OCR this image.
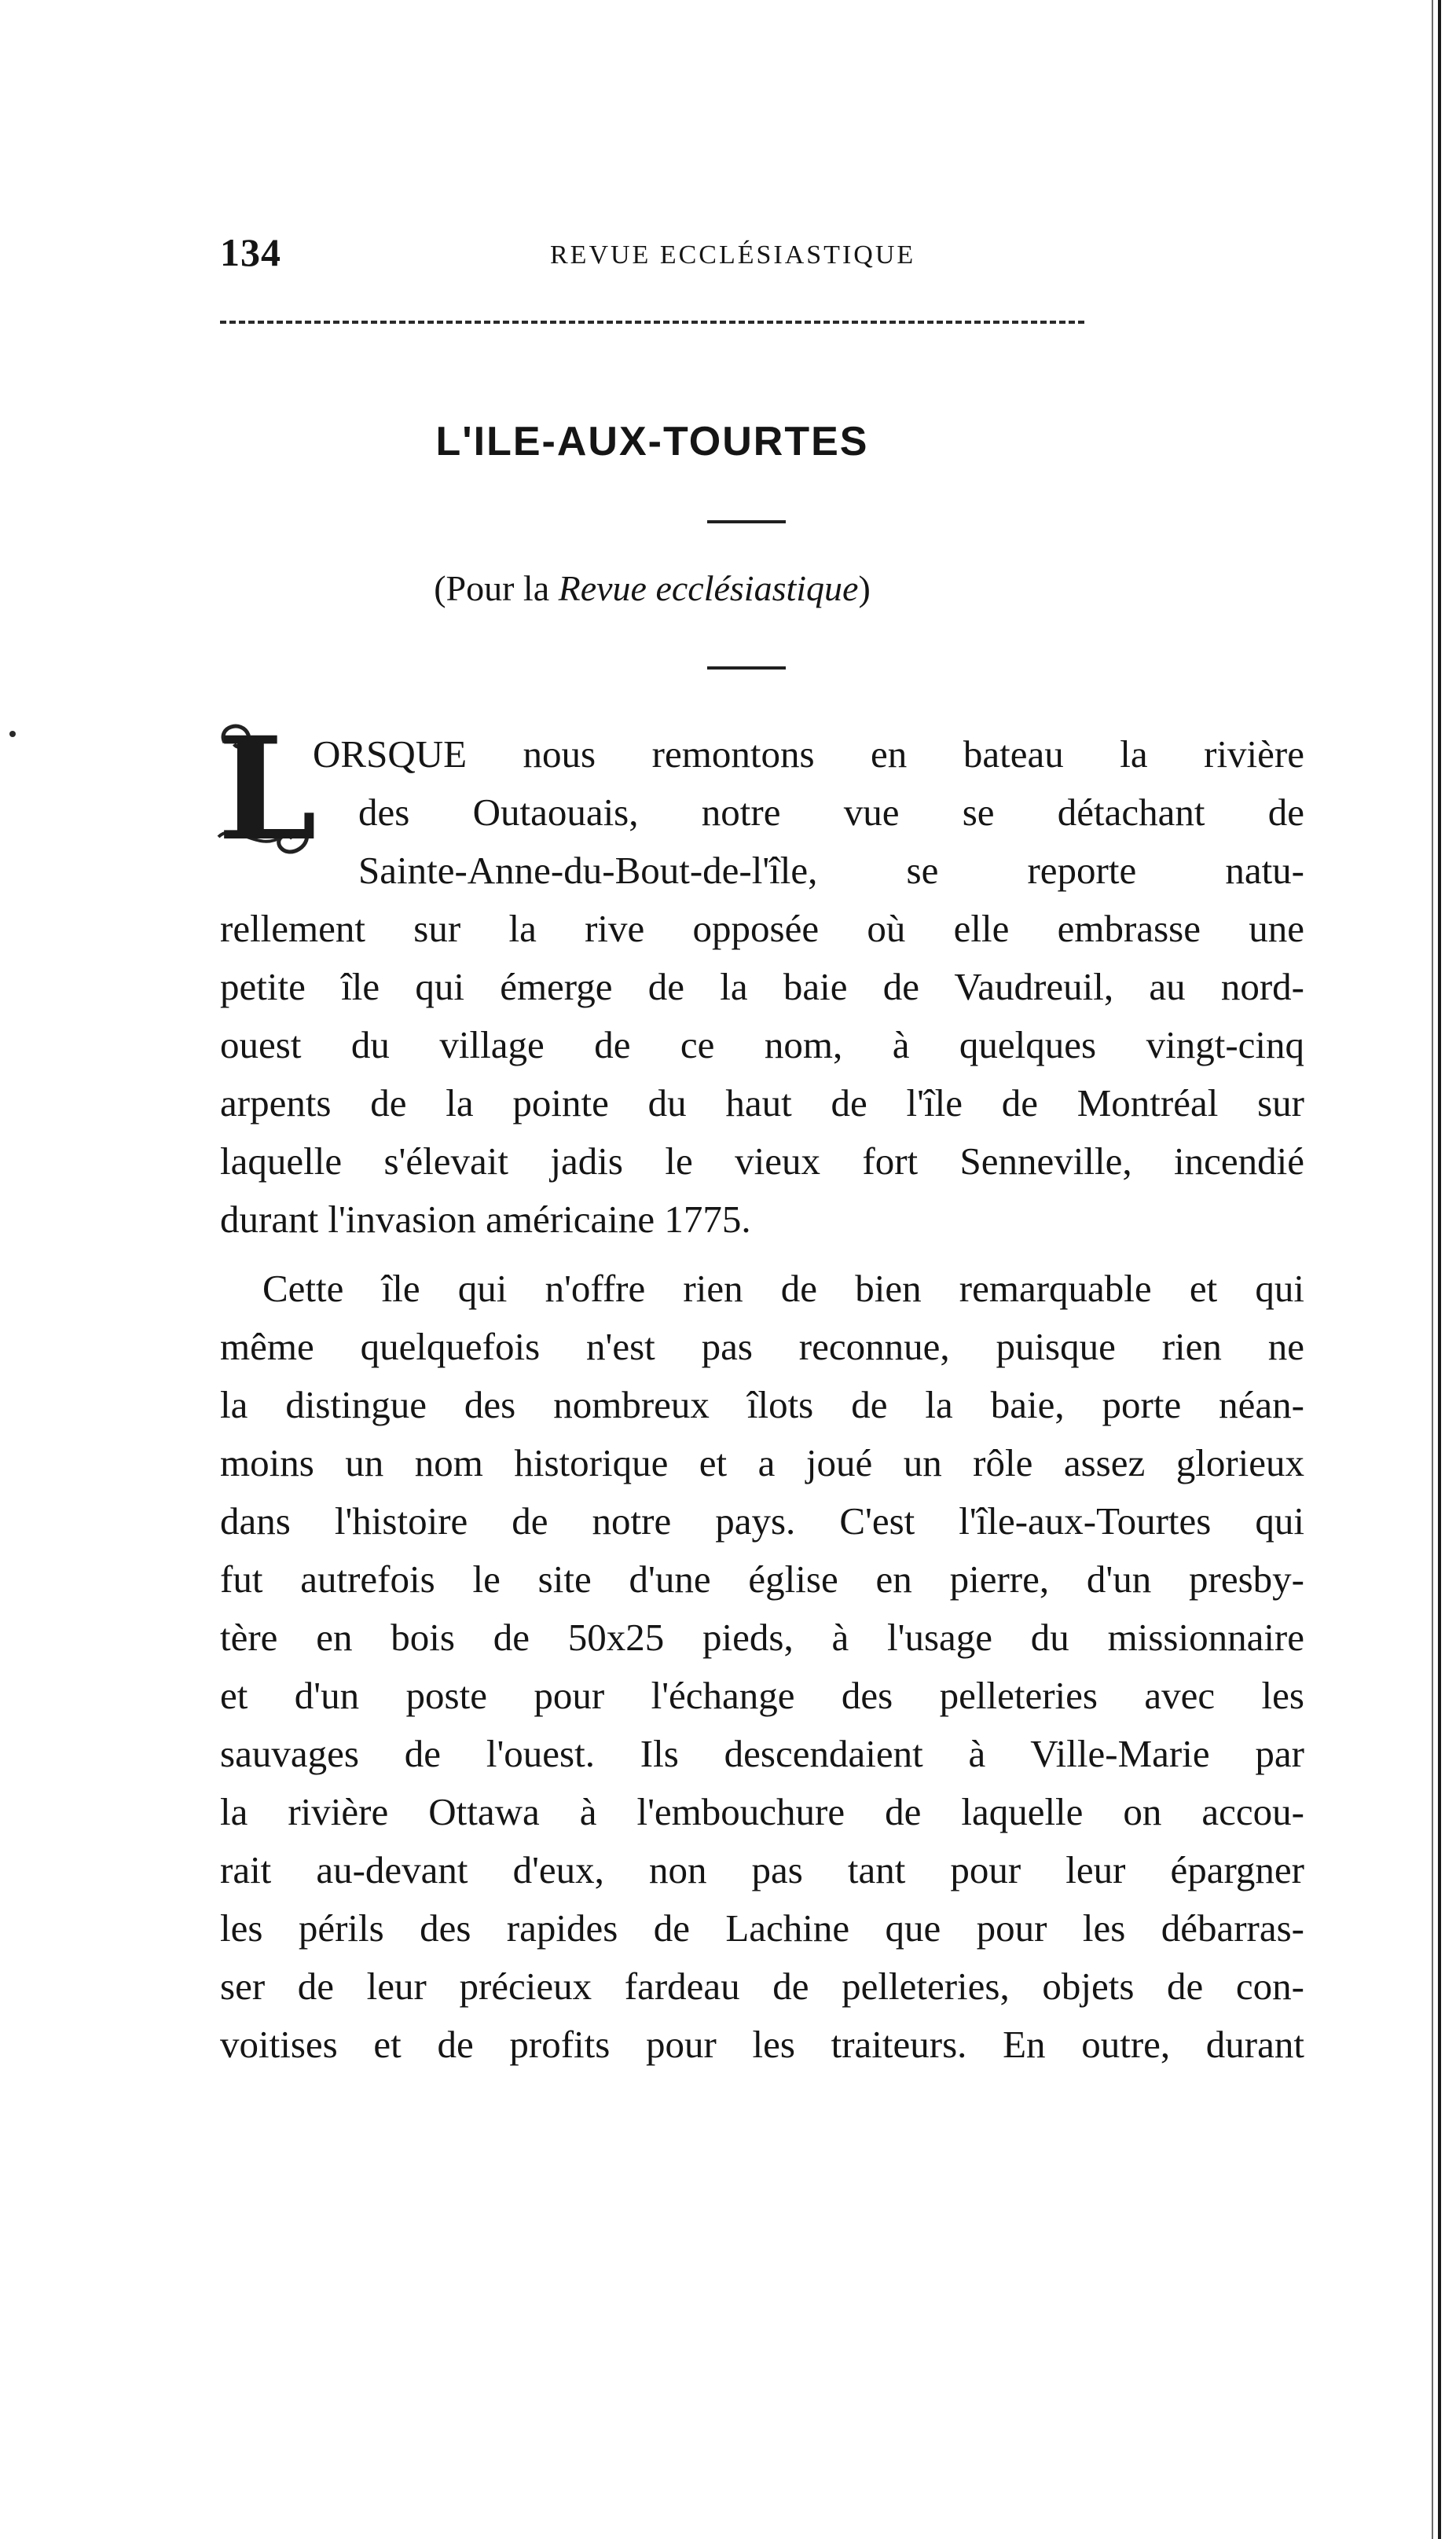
134	REVUE ECCLÉSIASTIQUE
L'ILE-AUX-TOURTES
(Pour la Revue ecclésiastique)
L
ORSQUE nous remontons en bateau la rivière
des Outaouais, notre vue se détachant de
Sainte-Anne-du-Bout-de-l'île, se reporte natu-
rellement sur la rive opposée où elle embrasse une
petite île qui émerge de la baie de Vaudreuil, au nord-
ouest du village de ce nom, à quelques vingt-cinq
arpents de la pointe du haut de l'île de Montréal sur
laquelle s'élevait jadis le vieux fort Senneville, incendié
durant l'invasion américaine 1775.
Cette île qui n'offre rien de bien remarquable et qui
même quelquefois n'est pas reconnue, puisque rien ne
la distingue des nombreux îlots de la baie, porte néan-
moins un nom historique et a joué un rôle assez glorieux
dans l'histoire de notre pays. C'est l'île-aux-Tourtes qui
fut autrefois le site d'une église en pierre, d'un presby-
tère en bois de 50x25 pieds, à l'usage du missionnaire
et d'un poste pour l'échange des pelleteries avec les
sauvages de l'ouest. Ils descendaient à Ville-Marie par
la rivière Ottawa à l'embouchure de laquelle on accou-
rait au-devant d'eux, non pas tant pour leur épargner
les périls des rapides de Lachine que pour les débarras-
ser de leur précieux fardeau de pelleteries, objets de con-
voitises et de profits pour les traiteurs. En outre, durant
